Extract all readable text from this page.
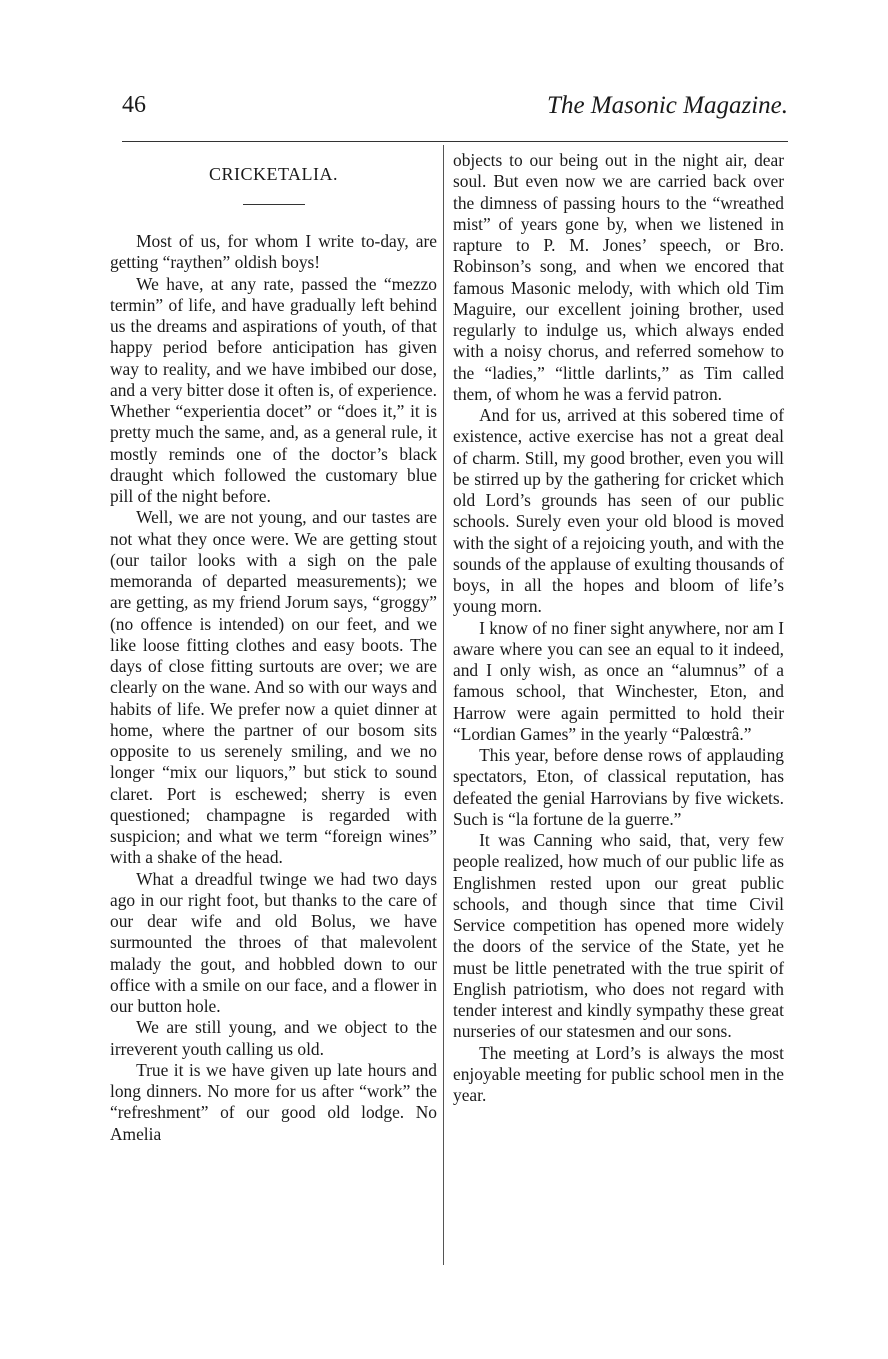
46	The Masonic Magazine.
CRICKETALIA.

Most of us, for whom I write to-day, are getting “raythen” oldish boys!

We have, at any rate, passed the “mezzo termin” of life, and have gradually left behind us the dreams and aspirations of youth, of that happy period before anticipation has given way to reality, and we have imbibed our dose, and a very bitter dose it often is, of experience. Whether “experientia docet” or “does it,” it is pretty much the same, and, as a general rule, it mostly reminds one of the doctor’s black draught which followed the customary blue pill of the night before.

Well, we are not young, and our tastes are not what they once were. We are getting stout (our tailor looks with a sigh on the pale memoranda of departed measurements); we are getting, as my friend Jorum says, “groggy” (no offence is intended) on our feet, and we like loose fitting clothes and easy boots. The days of close fitting surtouts are over; we are clearly on the wane. And so with our ways and habits of life. We prefer now a quiet dinner at home, where the partner of our bosom sits opposite to us serenely smiling, and we no longer “mix our liquors,” but stick to sound claret. Port is eschewed; sherry is even questioned; champagne is regarded with suspicion; and what we term “foreign wines” with a shake of the head.

What a dreadful twinge we had two days ago in our right foot, but thanks to the care of our dear wife and old Bolus, we have surmounted the throes of that malevolent malady the gout, and hobbled down to our office with a smile on our face, and a flower in our button hole.

We are still young, and we object to the irreverent youth calling us old.

True it is we have given up late hours and long dinners. No more for us after “work” the “refreshment” of our good old lodge. No Amelia

objects to our being out in the night air, dear soul. But even now we are carried back over the dimness of passing hours to the “wreathed mist” of years gone by, when we listened in rapture to P. M. Jones’ speech, or Bro. Robinson’s song, and when we encored that famous Masonic melody, with which old Tim Maguire, our excellent joining brother, used regularly to indulge us, which always ended with a noisy chorus, and referred somehow to the “ladies,” “little darlints,” as Tim called them, of whom he was a fervid patron.

And for us, arrived at this sobered time of existence, active exercise has not a great deal of charm. Still, my good brother, even you will be stirred up by the gathering for cricket which old Lord’s grounds has seen of our public schools. Surely even your old blood is moved with the sight of a rejoicing youth, and with the sounds of the applause of exulting thousands of boys, in all the hopes and bloom of life’s young morn.

I know of no finer sight anywhere, nor am I aware where you can see an equal to it indeed, and I only wish, as once an “alumnus” of a famous school, that Winchester, Eton, and Harrow were again permitted to hold their “Lordian Games” in the yearly “Palœstrâ.”

This year, before dense rows of applauding spectators, Eton, of classical reputation, has defeated the genial Harrovians by five wickets. Such is “la fortune de la guerre.”

It was Canning who said, that, very few people realized, how much of our public life as Englishmen rested upon our great public schools, and though since that time Civil Service competition has opened more widely the doors of the service of the State, yet he must be little penetrated with the true spirit of English patriotism, who does not regard with tender interest and kindly sympathy these great nurseries of our statesmen and our sons.

The meeting at Lord’s is always the most enjoyable meeting for public school men in the year.
